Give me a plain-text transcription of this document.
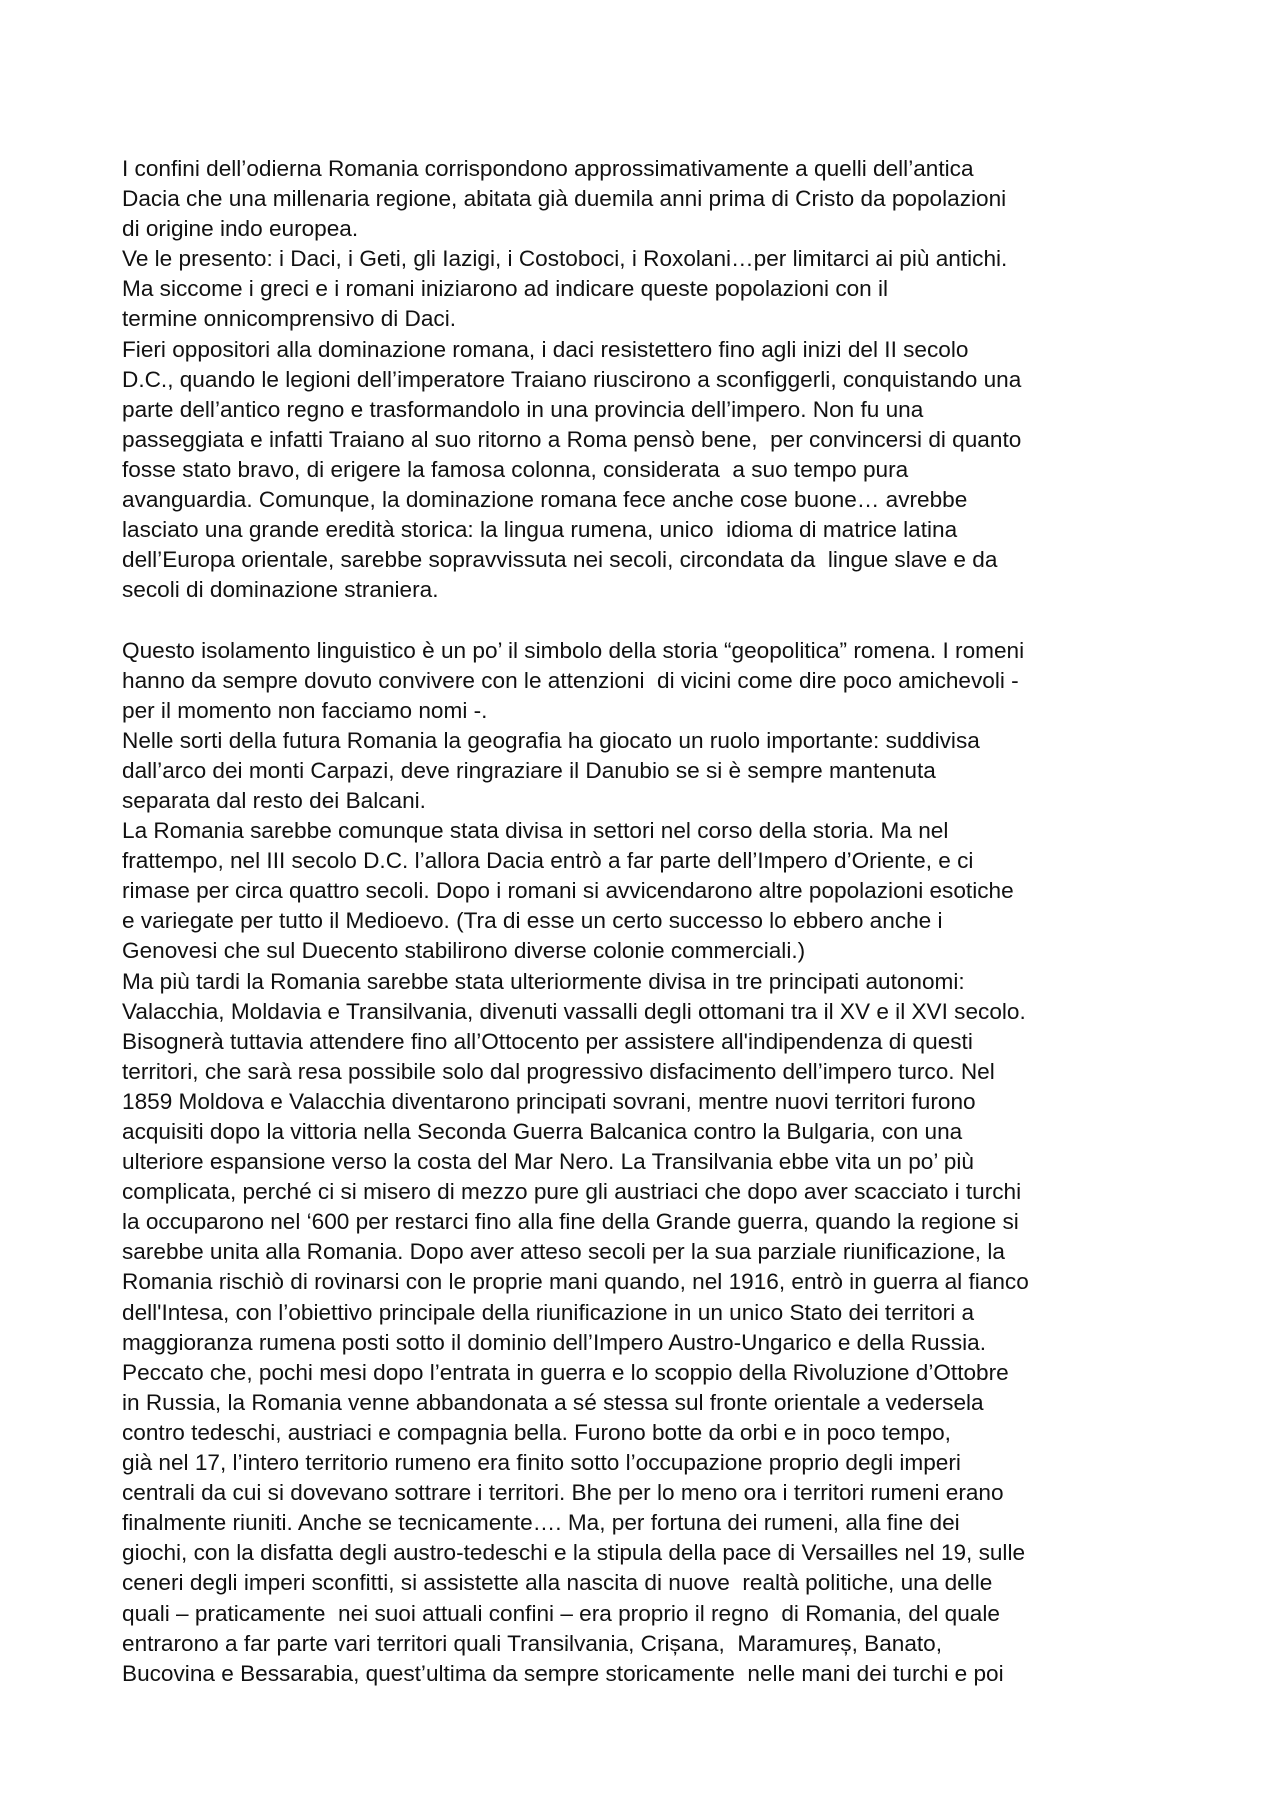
I confini dell’odierna Romania corrispondono approssimativamente a quelli dell’antica
Dacia che una millenaria regione, abitata già duemila anni prima di Cristo da popolazioni
di origine indo europea.
Ve le presento: i Daci, i Geti, gli Iazigi, i Costoboci, i Roxolani…per limitarci ai più antichi.
Ma siccome i greci e i romani iniziarono ad indicare queste popolazioni con il
termine onnicomprensivo di Daci.
Fieri oppositori alla dominazione romana, i daci resistettero fino agli inizi del II secolo
D.C., quando le legioni dell’imperatore Traiano riuscirono a sconfiggerli, conquistando una
parte dell’antico regno e trasformandolo in una provincia dell’impero. Non fu una
passeggiata e infatti Traiano al suo ritorno a Roma pensò bene,  per convincersi di quanto
fosse stato bravo, di erigere la famosa colonna, considerata  a suo tempo pura
avanguardia. Comunque, la dominazione romana fece anche cose buone… avrebbe
lasciato una grande eredità storica: la lingua rumena, unico  idioma di matrice latina
dell’Europa orientale, sarebbe sopravvissuta nei secoli, circondata da  lingue slave e da
secoli di dominazione straniera.
Questo isolamento linguistico è un po’ il simbolo della storia “geopolitica” romena. I romeni
hanno da sempre dovuto convivere con le attenzioni  di vicini come dire poco amichevoli -
per il momento non facciamo nomi -.
Nelle sorti della futura Romania la geografia ha giocato un ruolo importante: suddivisa
dall’arco dei monti Carpazi, deve ringraziare il Danubio se si è sempre mantenuta
separata dal resto dei Balcani.
La Romania sarebbe comunque stata divisa in settori nel corso della storia. Ma nel
frattempo, nel III secolo D.C. l’allora Dacia entrò a far parte dell’Impero d’Oriente, e ci
rimase per circa quattro secoli. Dopo i romani si avvicendarono altre popolazioni esotiche
e variegate per tutto il Medioevo. (Tra di esse un certo successo lo ebbero anche i
Genovesi che sul Duecento stabilirono diverse colonie commerciali.)
Ma più tardi la Romania sarebbe stata ulteriormente divisa in tre principati autonomi:
Valacchia, Moldavia e Transilvania, divenuti vassalli degli ottomani tra il XV e il XVI secolo.
Bisognerà tuttavia attendere fino all’Ottocento per assistere all'indipendenza di questi
territori, che sarà resa possibile solo dal progressivo disfacimento dell’impero turco. Nel
1859 Moldova e Valacchia diventarono principati sovrani, mentre nuovi territori furono
acquisiti dopo la vittoria nella Seconda Guerra Balcanica contro la Bulgaria, con una
ulteriore espansione verso la costa del Mar Nero. La Transilvania ebbe vita un po’ più
complicata, perché ci si misero di mezzo pure gli austriaci che dopo aver scacciato i turchi
la occuparono nel ‘600 per restarci fino alla fine della Grande guerra, quando la regione si
sarebbe unita alla Romania. Dopo aver atteso secoli per la sua parziale riunificazione, la
Romania rischiò di rovinarsi con le proprie mani quando, nel 1916, entrò in guerra al fianco
dell'Intesa, con l’obiettivo principale della riunificazione in un unico Stato dei territori a
maggioranza rumena posti sotto il dominio dell’Impero Austro-Ungarico e della Russia.
Peccato che, pochi mesi dopo l’entrata in guerra e lo scoppio della Rivoluzione d’Ottobre
in Russia, la Romania venne abbandonata a sé stessa sul fronte orientale a vedersela
contro tedeschi, austriaci e compagnia bella. Furono botte da orbi e in poco tempo,
già nel 17, l’intero territorio rumeno era finito sotto l’occupazione proprio degli imperi
centrali da cui si dovevano sottrare i territori. Bhe per lo meno ora i territori rumeni erano
finalmente riuniti. Anche se tecnicamente…. Ma, per fortuna dei rumeni, alla fine dei
giochi, con la disfatta degli austro-tedeschi e la stipula della pace di Versailles nel 19, sulle
ceneri degli imperi sconfitti, si assistette alla nascita di nuove  realtà politiche, una delle
quali – praticamente  nei suoi attuali confini – era proprio il regno  di Romania, del quale
entrarono a far parte vari territori quali Transilvania, Crișana,  Maramureș, Banato,
Bucovina e Bessarabia, quest’ultima da sempre storicamente  nelle mani dei turchi e poi
